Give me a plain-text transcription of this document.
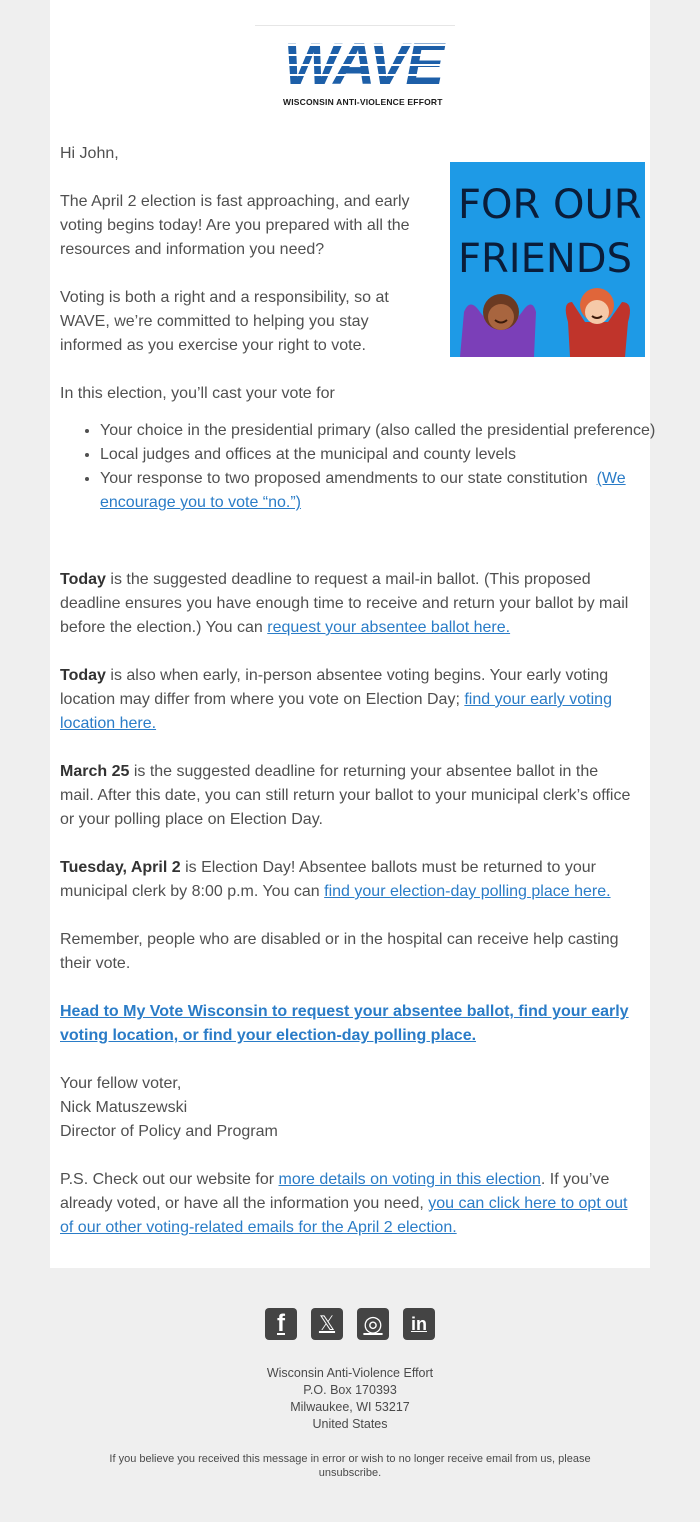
WISCONSIN ANTI-VIOLENCE EFFORT

Hi John,

The April 2 election is fast approaching, and early voting begins today! Are you prepared with all the resources and information you need?

FOR OUR
FRIENDS

Voting is both a right and a responsibility, so at WAVE, we’re committed to helping you stay informed as you exercise your right to vote.

In this election, you’ll cast your vote for

• Your choice in the presidential primary (also called the presidential preference)
• Local judges and offices at the municipal and county levels
• Your response to two proposed amendments to our state constitution (We encourage you to vote “no.”)

Today is the suggested deadline to request a mail-in ballot. (This proposed deadline ensures you have enough time to receive and return your ballot by mail before the election.) You can request your absentee ballot here.

Today is also when early, in-person absentee voting begins. Your early voting location may differ from where you vote on Election Day; find your early voting location here.

March 25 is the suggested deadline for returning your absentee ballot in the mail. After this date, you can still return your ballot to your municipal clerk’s office or your polling place on Election Day.

Tuesday, April 2 is Election Day! Absentee ballots must be returned to your municipal clerk by 8:00 p.m. You can find your election-day polling place here.

Remember, people who are disabled or in the hospital can receive help casting their vote.

Head to My Vote Wisconsin to request your absentee ballot, find your early voting location, or find your election-day polling place.

Your fellow voter,
Nick Matuszewski
Director of Policy and Program

P.S. Check out our website for more details on voting in this election. If you’ve already voted, or have all the information you need, you can click here to opt out of our other voting-related emails for the April 2 election.

f	𝕏	◎	in
Wisconsin Anti-Violence Effort
P.O. Box 170393
Milwaukee, WI 53217
United States
If you believe you received this message in error or wish to no longer receive email from us, please unsubscribe.
